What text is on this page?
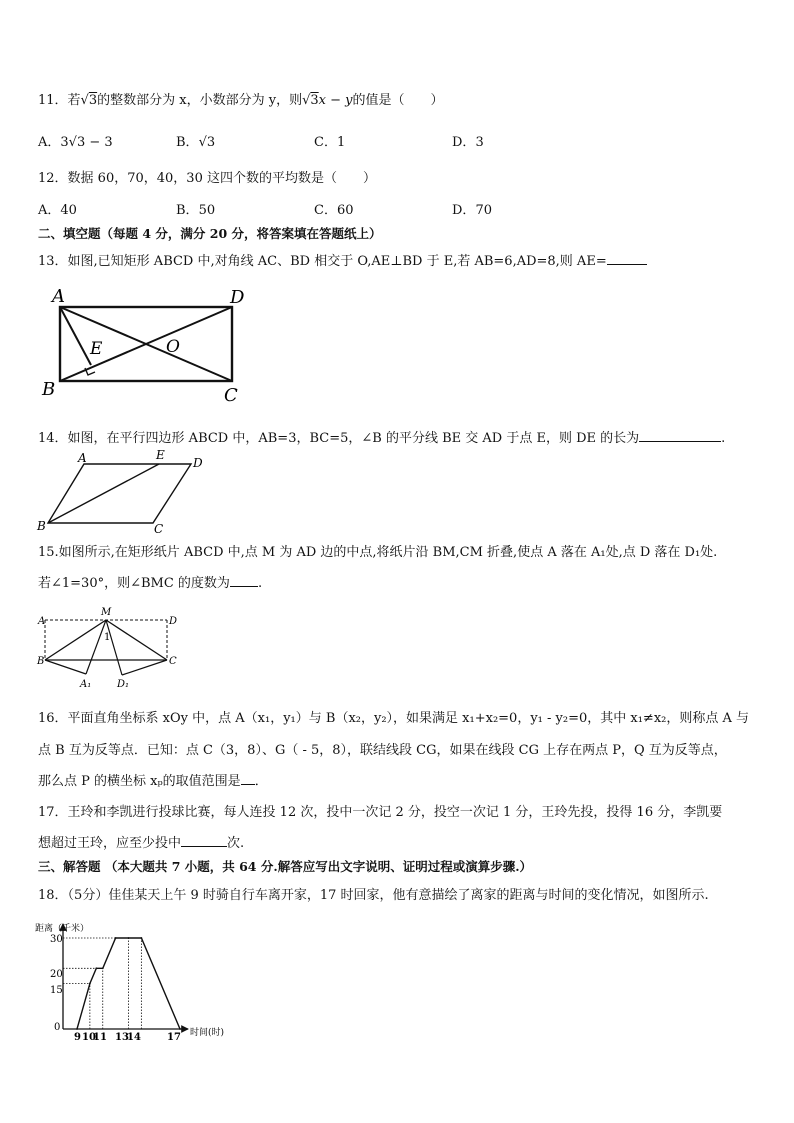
11．若√3的整数部分为 x，小数部分为 y，则√3x − y的值是（　　）
A．3√3 − 3	B．√3	C．1	D．3
12．数据 60，70，40，30 这四个数的平均数是（　　）
A．40	B．50	C．60	D．70
二、填空题（每题 4 分，满分 20 分，将答案填在答题纸上）
13．如图,已知矩形 ABCD 中,对角线 AC、BD 相交于 O,AE⊥BD 于 E,若 AB=6,AD=8,则 AE=
A	D
B	C
E	O
14．如图，在平行四边形 ABCD 中，AB=3，BC=5，∠B 的平分线 BE 交 AD 于点 E，则 DE 的长为	.
A	E
D
B	C
15.如图所示,在矩形纸片 ABCD 中,点 M 为 AD 边的中点,将纸片沿 BM,CM 折叠,使点 A 落在 A₁处,点 D 落在 D₁处.
若∠1=30°，则∠BMC 的度数为 .
A
M
D
B	C
1
A₁	D₁
16．平面直角坐标系 xOy 中，点 A（x₁，y₁）与 B（x₂，y₂），如果满足 x₁+x₂=0，y₁ - y₂=0，其中 x₁≠x₂，则称点 A 与
点 B 互为反等点．已知：点 C（3，8）、G（ - 5，8），联结线段 CG，如果在线段 CG 上存在两点 P，Q 互为反等点，
那么点 P 的横坐标 xₚ的取值范围是 ．
17．王玲和李凯进行投球比赛，每人连投 12 次，投中一次记 2 分，投空一次记 1 分，王玲先投，投得 16 分，李凯要
想超过王玲，应至少投中	次.
三、解答题 （本大题共 7 小题，共 64 分.解答应写出文字说明、证明过程或演算步骤.）
18．（5分）佳佳某天上午 9 时骑自行车离开家，17 时回家，他有意描绘了离家的距离与时间的变化情况，如图所示.
距离（千米）
时间(时)
30
20
15
0
9 10
11 13
14	17
